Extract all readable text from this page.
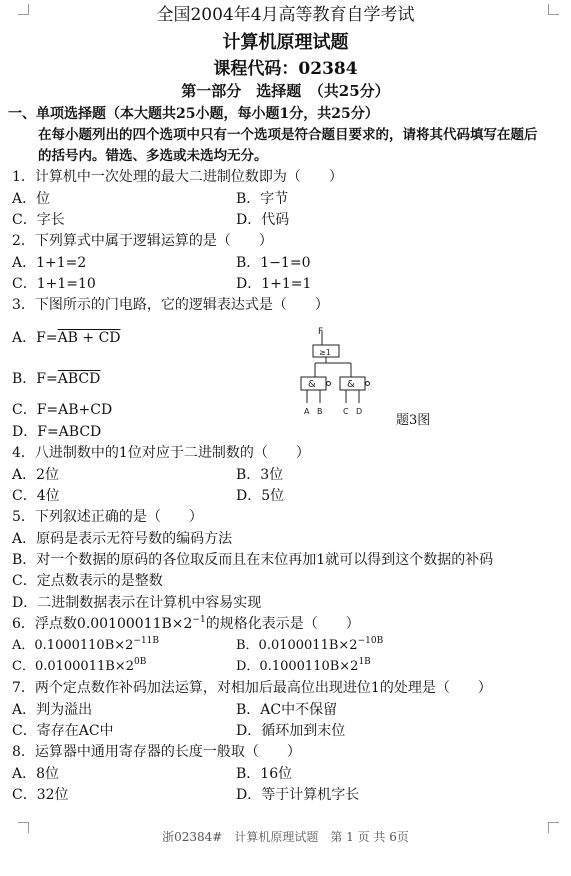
全国2004年4月高等教育自学考试
计算机原理试题
课程代码：02384
第一部分　选择题　（共25分）
一、单项选择题（本大题共25小题，每小题1分，共25分）
在每小题列出的四个选项中只有一个选项是符合题目要求的，请将其代码填写在题后
的括号内。错选、多选或未选均无分。
1．计算机中一次处理的最大二进制位数即为（　　）
A．位	B．字节
C．字长	D．代码
2．下列算式中属于逻辑运算的是（　　）
A．1+1=2	B．1−1=0
C．1+1=10	D．1+1=1
3．下图所示的门电路，它的逻辑表达式是（　　）
A．F=AB + CD
B．F=ABCD
C．F=AB+CD
D．F=ABCD
F
≥1
&	&
A B	C D
题3图
4．八进制数中的1位对应于二进制数的（　　）
A．2位	B．3位
C．4位	D．5位
5．下列叙述正确的是（　　）
A．原码是表示无符号数的编码方法
B．对一个数据的原码的各位取反而且在末位再加1就可以得到这个数据的补码
C．定点数表示的是整数
D．二进制数据表示在计算机中容易实现
6．浮点数$0.00100011B\times 2^{-1}$的规格化表示是（　　）
A．$0.1000110B\times 2^{-11B}$	B．$0.0100011B\times 2^{-10B}$
C．$0.0100011B\times 2^{0B}$	D．$0.1000110B\times 2^{1B}$
7．两个定点数作补码加法运算，对相加后最高位出现进位1的处理是（　　）
A．判为溢出	B．AC中不保留
C．寄存在AC中	D．循环加到末位
8．运算器中通用寄存器的长度一般取（　　）
A．8位	B．16位
C．32位	D．等于计算机字长
浙02384#　计算机原理试题　第 1 页 共 6页
